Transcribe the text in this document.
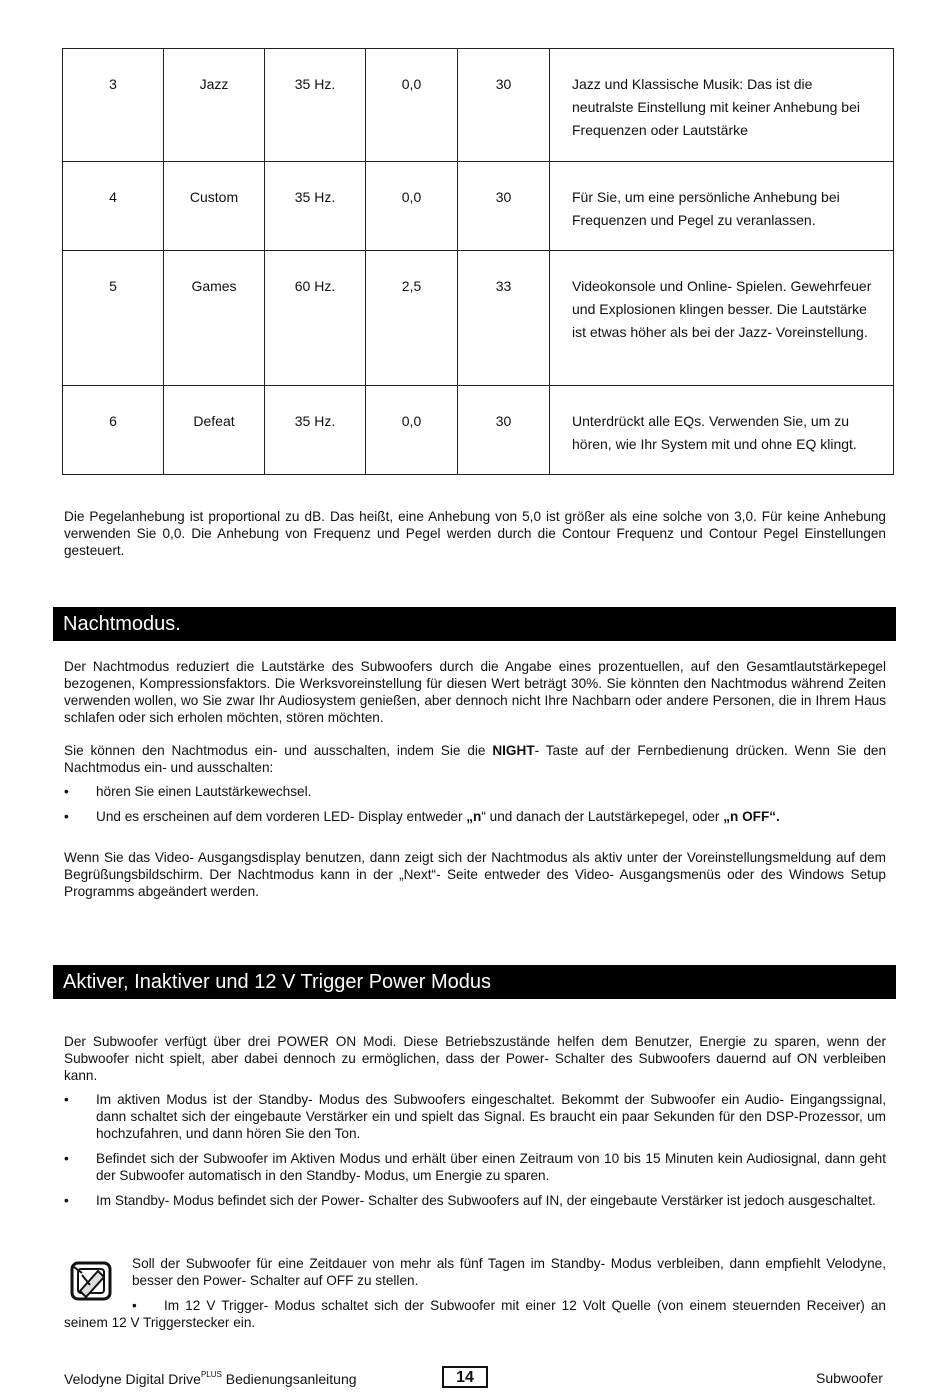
3	Jazz	35 Hz.	0,0	30	Jazz und Klassische Musik: Das ist die neutralste Einstellung mit keiner Anhebung bei Frequenzen oder Lautstärke
4	Custom	35 Hz.	0,0	30	Für Sie, um eine persönliche Anhebung bei Frequenzen und Pegel zu veranlassen.
5	Games	60 Hz.	2,5	33	Videokonsole und Online- Spielen. Gewehrfeuer und Explosionen klingen besser. Die Lautstärke ist etwas höher als bei der Jazz- Voreinstellung.
6	Defeat	35 Hz.	0,0	30	Unterdrückt alle EQs. Verwenden Sie, um zu hören, wie Ihr System mit und ohne EQ klingt.

Die Pegelanhebung ist proportional zu dB. Das heißt, eine Anhebung von 5,0 ist größer als eine solche von 3,0. Für keine Anhebung verwenden Sie 0,0. Die Anhebung von Frequenz und Pegel werden durch die Contour Frequenz und Contour Pegel Einstellungen gesteuert.

Nachtmodus.

Der Nachtmodus reduziert die Lautstärke des Subwoofers durch die Angabe eines prozentuellen, auf den Gesamtlautstärkepegel bezogenen, Kompressionsfaktors. Die Werksvoreinstellung für diesen Wert beträgt 30%. Sie könnten den Nachtmodus während Zeiten verwenden wollen, wo Sie zwar Ihr Audiosystem genießen, aber dennoch nicht Ihre Nachbarn oder andere Personen, die in Ihrem Haus schlafen oder sich erholen möchten, stören möchten.

Sie können den Nachtmodus ein- und ausschalten, indem Sie die NIGHT- Taste auf der Fernbedienung drücken. Wenn Sie den Nachtmodus ein- und ausschalten:

• hören Sie einen Lautstärkewechsel.
• Und es erscheinen auf dem vorderen LED- Display entweder „n“ und danach der Lautstärkepegel, oder „n OFF“.

Wenn Sie das Video- Ausgangsdisplay benutzen, dann zeigt sich der Nachtmodus als aktiv unter der Voreinstellungsmeldung auf dem Begrüßungsbildschirm. Der Nachtmodus kann in der „Next“- Seite entweder des Video- Ausgangsmenüs oder des Windows Setup Programms abgeändert werden.

Aktiver, Inaktiver und 12 V Trigger Power Modus

Der Subwoofer verfügt über drei POWER ON Modi. Diese Betriebszustände helfen dem Benutzer, Energie zu sparen, wenn der Subwoofer nicht spielt, aber dabei dennoch zu ermöglichen, dass der Power- Schalter des Subwoofers dauernd auf ON verbleiben kann.

• Im aktiven Modus ist der Standby- Modus des Subwoofers eingeschaltet. Bekommt der Subwoofer ein Audio- Eingangssignal, dann schaltet sich der eingebaute Verstärker ein und spielt das Signal. Es braucht ein paar Sekunden für den DSP-Prozessor, um hochzufahren, und dann hören Sie den Ton.
• Befindet sich der Subwoofer im Aktiven Modus und erhält über einen Zeitraum von 10 bis 15 Minuten kein Audiosignal, dann geht der Subwoofer automatisch in den Standby- Modus, um Energie zu sparen.
• Im Standby- Modus befindet sich der Power- Schalter des Subwoofers auf IN, der eingebaute Verstärker ist jedoch ausgeschaltet.

Soll der Subwoofer für eine Zeitdauer von mehr als fünf Tagen im Standby- Modus verbleiben, dann empfiehlt Velodyne, besser den Power- Schalter auf OFF zu stellen.

• Im 12 V Trigger- Modus schaltet sich der Subwoofer mit einer 12 Volt Quelle (von einem steuernden Receiver) an seinem 12 V Triggerstecker ein.

Velodyne Digital Drive$^{PLUS}$ Bedienungsanleitung	14	Subwoofer
